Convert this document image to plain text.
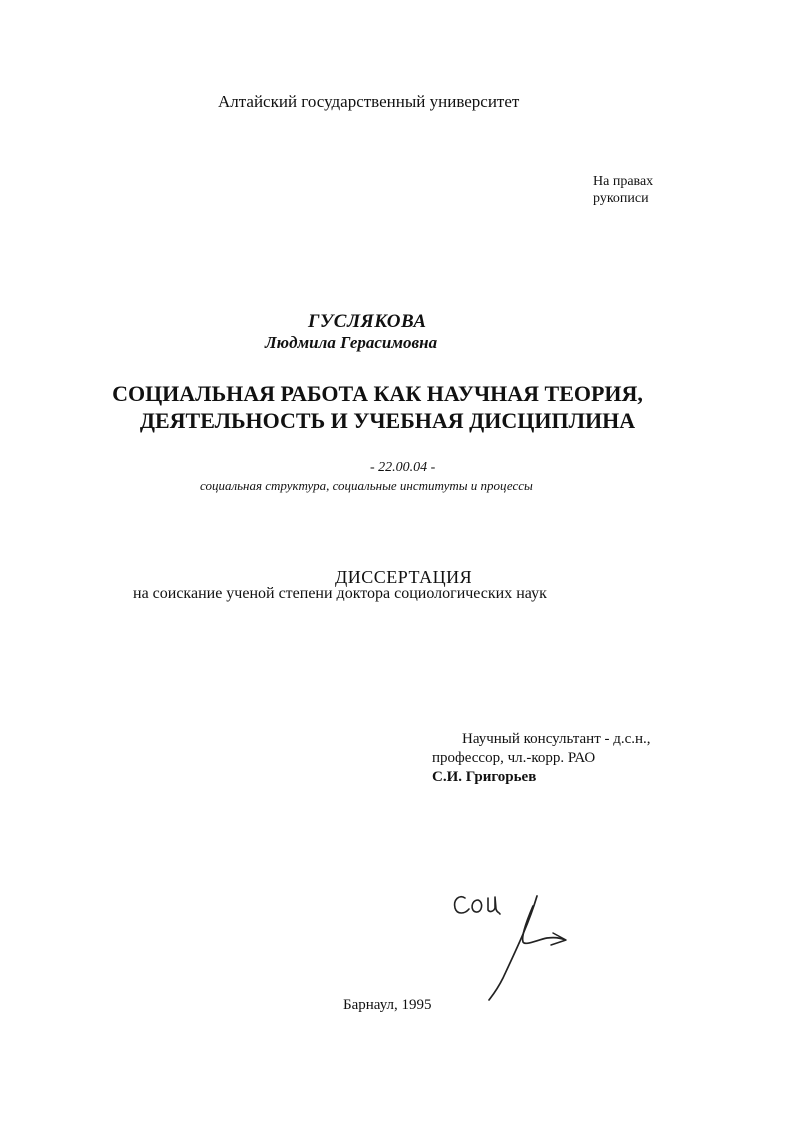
Алтайский государственный университет
На правах
рукописи
ГУСЛЯКОВА
Людмила Герасимовна
СОЦИАЛЬНАЯ РАБОТА КАК НАУЧНАЯ ТЕОРИЯ,
ДЕЯТЕЛЬНОСТЬ И УЧЕБНАЯ ДИСЦИПЛИНА
- 22.00.04 -
социальная структура, социальные институты и процессы
ДИССЕРТАЦИЯ
на соискание ученой степени доктора социологических наук
Научный консультант - д.с.н.,
профессор, чл.-корр. РАО
С.И. Григорьев
Барнаул, 1995
